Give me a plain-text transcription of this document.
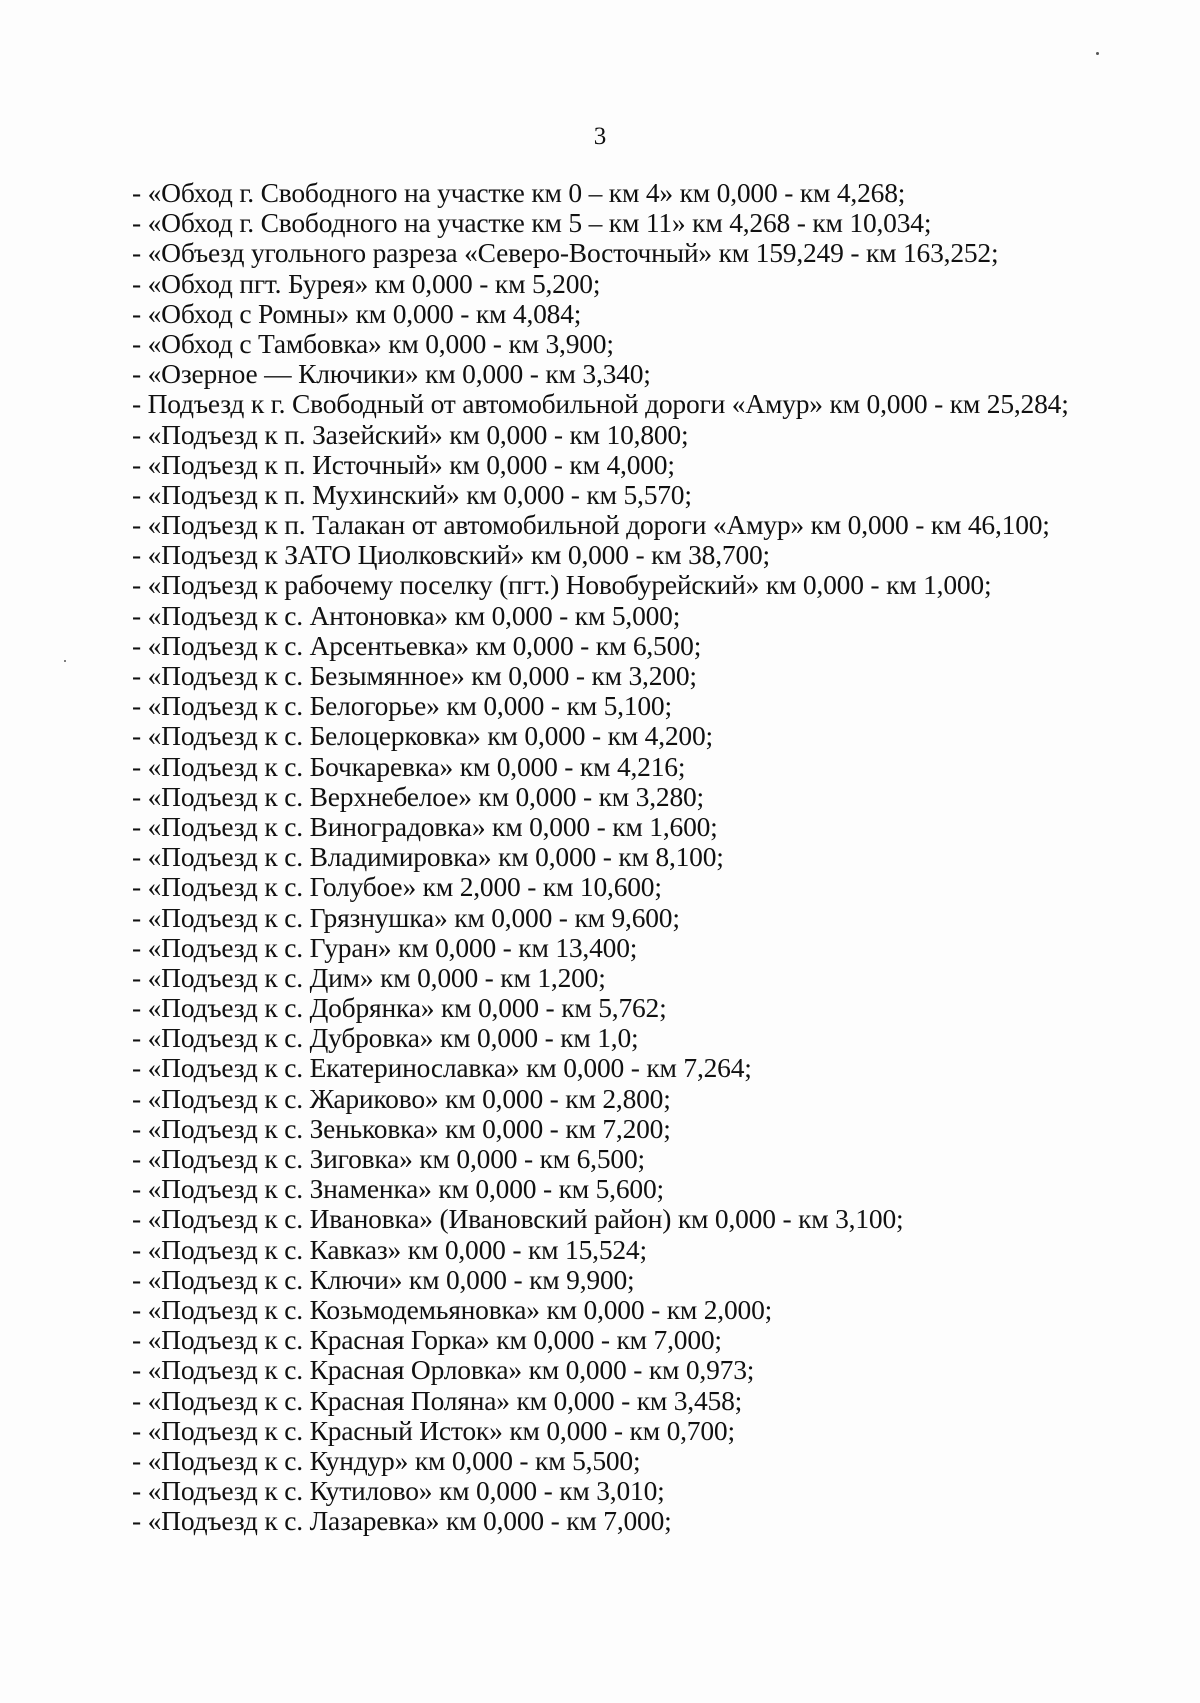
3
- «Обход г. Свободного на участке км 0 – км 4» км 0,000 - км 4,268;
- «Обход г. Свободного на участке км 5 – км 11» км 4,268 - км 10,034;
- «Объезд угольного разреза «Северо-Восточный» км 159,249 - км 163,252;
- «Обход пгт. Бурея» км 0,000 - км 5,200;
- «Обход с Ромны» км 0,000 - км 4,084;
- «Обход с Тамбовка» км 0,000 - км 3,900;
- «Озерное — Ключики» км 0,000 - км 3,340;
- Подъезд к г. Свободный от автомобильной дороги «Амур» км 0,000 - км 25,284;
- «Подъезд к п. Зазейский» км 0,000 - км 10,800;
- «Подъезд к п. Источный» км 0,000 - км 4,000;
- «Подъезд к п. Мухинский» км 0,000 - км 5,570;
- «Подъезд к п. Талакан от автомобильной дороги «Амур» км 0,000 - км 46,100;
- «Подъезд к ЗАТО Циолковский» км 0,000 - км 38,700;
- «Подъезд к рабочему поселку (пгт.) Новобурейский» км 0,000 - км 1,000;
- «Подъезд к с. Антоновка» км 0,000 - км 5,000;
- «Подъезд к с. Арсентьевка» км 0,000 - км 6,500;
- «Подъезд к с. Безымянное» км 0,000 - км 3,200;
- «Подъезд к с. Белогорье» км 0,000 - км 5,100;
- «Подъезд к с. Белоцерковка» км 0,000 - км 4,200;
- «Подъезд к с. Бочкаревка» км 0,000 - км 4,216;
- «Подъезд к с. Верхнебелое» км 0,000 - км 3,280;
- «Подъезд к с. Виноградовка» км 0,000 - км 1,600;
- «Подъезд к с. Владимировка» км 0,000 - км 8,100;
- «Подъезд к с. Голубое» км 2,000 - км 10,600;
- «Подъезд к с. Грязнушка» км 0,000 - км 9,600;
- «Подъезд к с. Гуран» км 0,000 - км 13,400;
- «Подъезд к с. Дим» км 0,000 - км 1,200;
- «Подъезд к с. Добрянка» км 0,000 - км 5,762;
- «Подъезд к с. Дубровка» км 0,000 - км 1,0;
- «Подъезд к с. Екатеринославка» км 0,000 - км 7,264;
- «Подъезд к с. Жариково» км 0,000 - км 2,800;
- «Подъезд к с. Зеньковка» км 0,000 - км 7,200;
- «Подъезд к с. Зиговка» км 0,000 - км 6,500;
- «Подъезд к с. Знаменка» км 0,000 - км 5,600;
- «Подъезд к с. Ивановка» (Ивановский район) км 0,000 - км 3,100;
- «Подъезд к с. Кавказ» км 0,000 - км 15,524;
- «Подъезд к с. Ключи» км 0,000 - км 9,900;
- «Подъезд к с. Козьмодемьяновка» км 0,000 - км 2,000;
- «Подъезд к с. Красная Горка» км 0,000 - км 7,000;
- «Подъезд к с. Красная Орловка» км 0,000 - км 0,973;
- «Подъезд к с. Красная Поляна» км 0,000 - км 3,458;
- «Подъезд к с. Красный Исток» км 0,000 - км 0,700;
- «Подъезд к с. Кундур» км 0,000 - км 5,500;
- «Подъезд к с. Кутилово» км 0,000 - км 3,010;
- «Подъезд к с. Лазаревка» км 0,000 - км 7,000;
